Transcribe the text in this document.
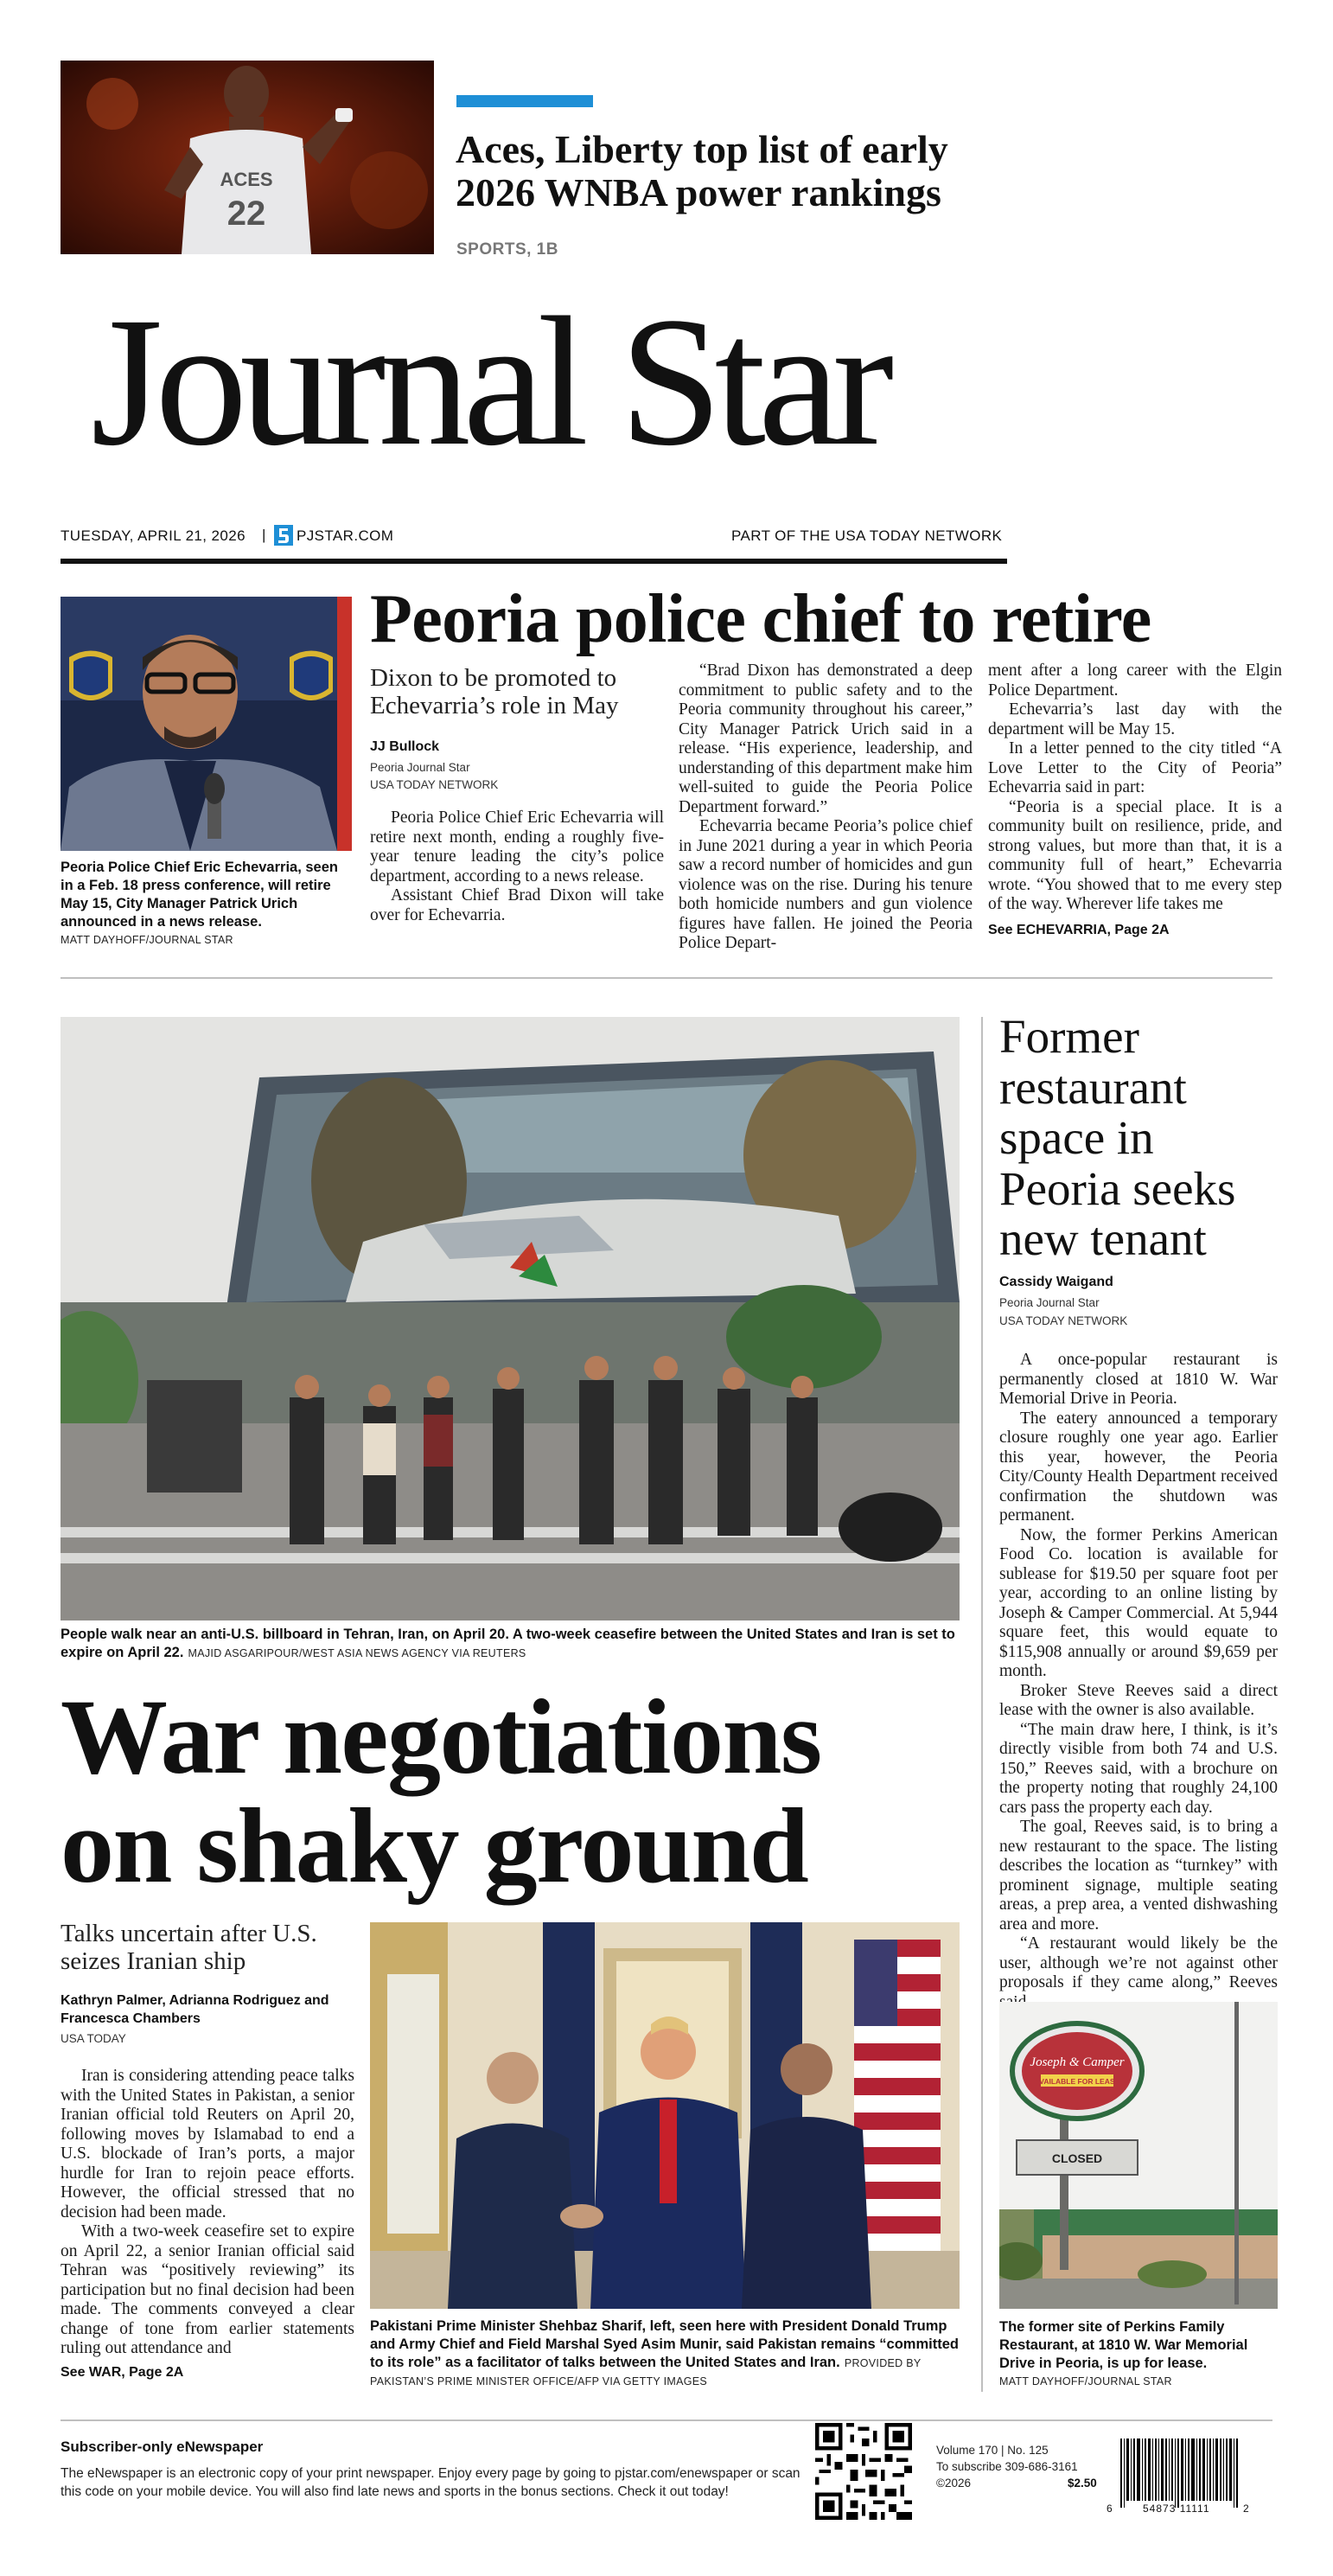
ACES
22
Aces, Liberty top list of early 2026 WNBA power rankings
SPORTS, 1B
Journal Star
TUESDAY, APRIL 21, 2026 | PJSTAR.COM	PART OF THE USA TODAY NETWORK
Peoria Police Chief Eric Echevarria, seen in a Feb. 18 press conference, will retire May 15, City Manager Patrick Urich announced in a news release.
MATT DAYHOFF/JOURNAL STAR
Peoria police chief to retire
Dixon to be promoted to Echevarria’s role in May
JJ Bullock
Peoria Journal Star
USA TODAY NETWORK

Peoria Police Chief Eric Echevarria will retire next month, ending a roughly five-year tenure leading the city’s police department, according to a news release.

Assistant Chief Brad Dixon will take over for Echevarria.

“Brad Dixon has demonstrated a deep commitment to public safety and to the Peoria community throughout his career,” City Manager Patrick Urich said in a release. “His experience, leadership, and understanding of this department make him well-suited to guide the Peoria Police Department forward.”

Echevarria became Peoria’s police chief in June 2021 during a year in which Peoria saw a record number of homicides and gun violence was on the rise. During his tenure both homicide numbers and gun violence figures have fallen. He joined the Peoria Police Depart-

ment after a long career with the Elgin Police Department.

Echevarria’s last day with the department will be May 15.

In a letter penned to the city titled “A Love Letter to the City of Peoria” Echevarria said in part:

“Peoria is a special place. It is a community built on resilience, pride, and strong values, but more than that, it is a community full of heart,” Echevarria wrote. “You showed that to me every step of the way. Wherever life takes me

See ECHEVARRIA, Page 2A
People walk near an anti-U.S. billboard in Tehran, Iran, on April 20. A two-week ceasefire between the United States and Iran is set to expire on April 22. MAJID ASGARIPOUR/WEST ASIA NEWS AGENCY VIA REUTERS
War negotiations
on shaky ground
Talks uncertain after U.S. seizes Iranian ship
Kathryn Palmer, Adrianna Rodriguez and Francesca Chambers
USA TODAY

Iran is considering attending peace talks with the United States in Pakistan, a senior Iranian official told Reuters on April 20, following moves by Islamabad to end a U.S. blockade of Iran’s ports, a major hurdle for Iran to rejoin peace efforts. However, the official stressed that no decision had been made.

With a two-week ceasefire set to expire on April 22, a senior Iranian official said Tehran was “positively reviewing” its participation but no final decision had been made. The comments conveyed a clear change of tone from earlier statements ruling out attendance and

See WAR, Page 2A
Pakistani Prime Minister Shehbaz Sharif, left, seen here with President Donald Trump and Army Chief and Field Marshal Syed Asim Munir, said Pakistan remains “committed to its role” as a facilitator of talks between the United States and Iran. PROVIDED BY PAKISTAN’S PRIME MINISTER OFFICE/AFP VIA GETTY IMAGES
Former restaurant space in Peoria seeks new tenant
Cassidy Waigand
Peoria Journal Star
USA TODAY NETWORK

A once-popular restaurant is permanently closed at 1810 W. War Memorial Drive in Peoria.

The eatery announced a temporary closure roughly one year ago. Earlier this year, however, the Peoria City/County Health Department received confirmation the shutdown was permanent.

Now, the former Perkins American Food Co. location is available for sublease for $19.50 per square foot per year, according to an online listing by Joseph & Camper Commercial. At 5,944 square feet, this would equate to $115,908 annually or around $9,659 per month.

Broker Steve Reeves said a direct lease with the owner is also available.

“The main draw here, I think, is it’s directly visible from both 74 and U.S. 150,” Reeves said, with a brochure on the property noting that roughly 24,100 cars pass the property each day.

The goal, Reeves said, is to bring a new restaurant to the space. The listing describes the location as “turnkey” with prominent signage, multiple seating areas, a prep area, a vented dishwashing area and more.

“A restaurant would likely be the user, although we’re not against other proposals if they came along,” Reeves

Joseph & Camper
AVAILABLE FOR LEASE
CLOSED
The former site of Perkins Family Restaurant, at 1810 W. War Memorial Drive in Peoria, is up for lease.
MATT DAYHOFF/JOURNAL STAR
Subscriber-only eNewspaper
The eNewspaper is an electronic copy of your print newspaper. Enjoy every page by going to pjstar.com/enewspaper or scan this code on your mobile device. You will also find late news and sports in the bonus sections. Check it out today!
Volume 170 | No. 125
To subscribe 309-686-3161
©2026	$2.50
6	54873 11111	2
